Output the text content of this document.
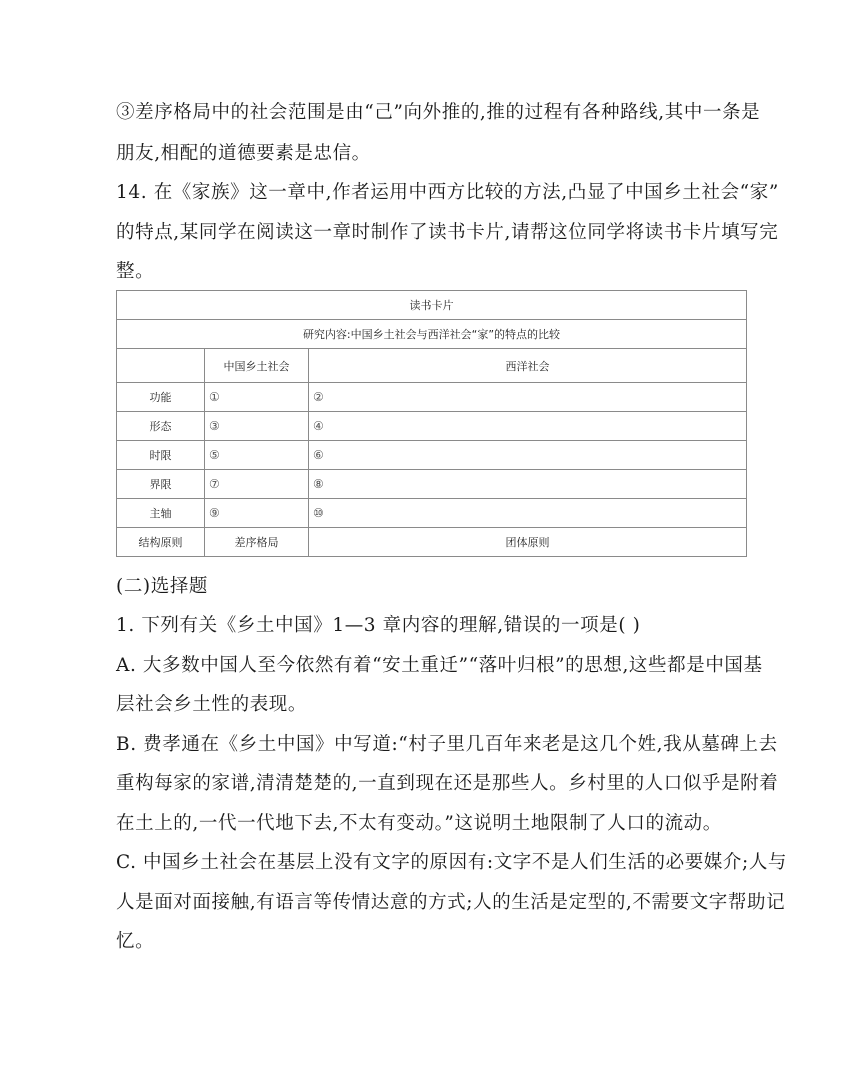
③差序格局中的社会范围是由“己”向外推的,推的过程有各种路线,其中一条是
朋友,相配的道德要素是忠信。
14. 在《家族》这一章中,作者运用中西方比较的方法,凸显了中国乡土社会“家”
的特点,某同学在阅读这一章时制作了读书卡片,请帮这位同学将读书卡片填写完
整。
读书卡片		
研究内容:中国乡土社会与西洋社会“家”的特点的比较		
	中国乡土社会	西洋社会
功能	①	②
形态	③	④
时限	⑤	⑥
界限	⑦	⑧
主轴	⑨	⑩
结构原则	差序格局	团体原则
(二)选择题
1. 下列有关《乡土中国》1—3 章内容的理解,错误的一项是( )
A. 大多数中国人至今依然有着“安土重迁”“落叶归根”的思想,这些都是中国基
层社会乡土性的表现。
B. 费孝通在《乡土中国》中写道:“村子里几百年来老是这几个姓,我从墓碑上去
重构每家的家谱,清清楚楚的,一直到现在还是那些人。乡村里的人口似乎是附着
在土上的,一代一代地下去,不太有变动。”这说明土地限制了人口的流动。
C. 中国乡土社会在基层上没有文字的原因有:文字不是人们生活的必要媒介;人与
人是面对面接触,有语言等传情达意的方式;人的生活是定型的,不需要文字帮助记
忆。
